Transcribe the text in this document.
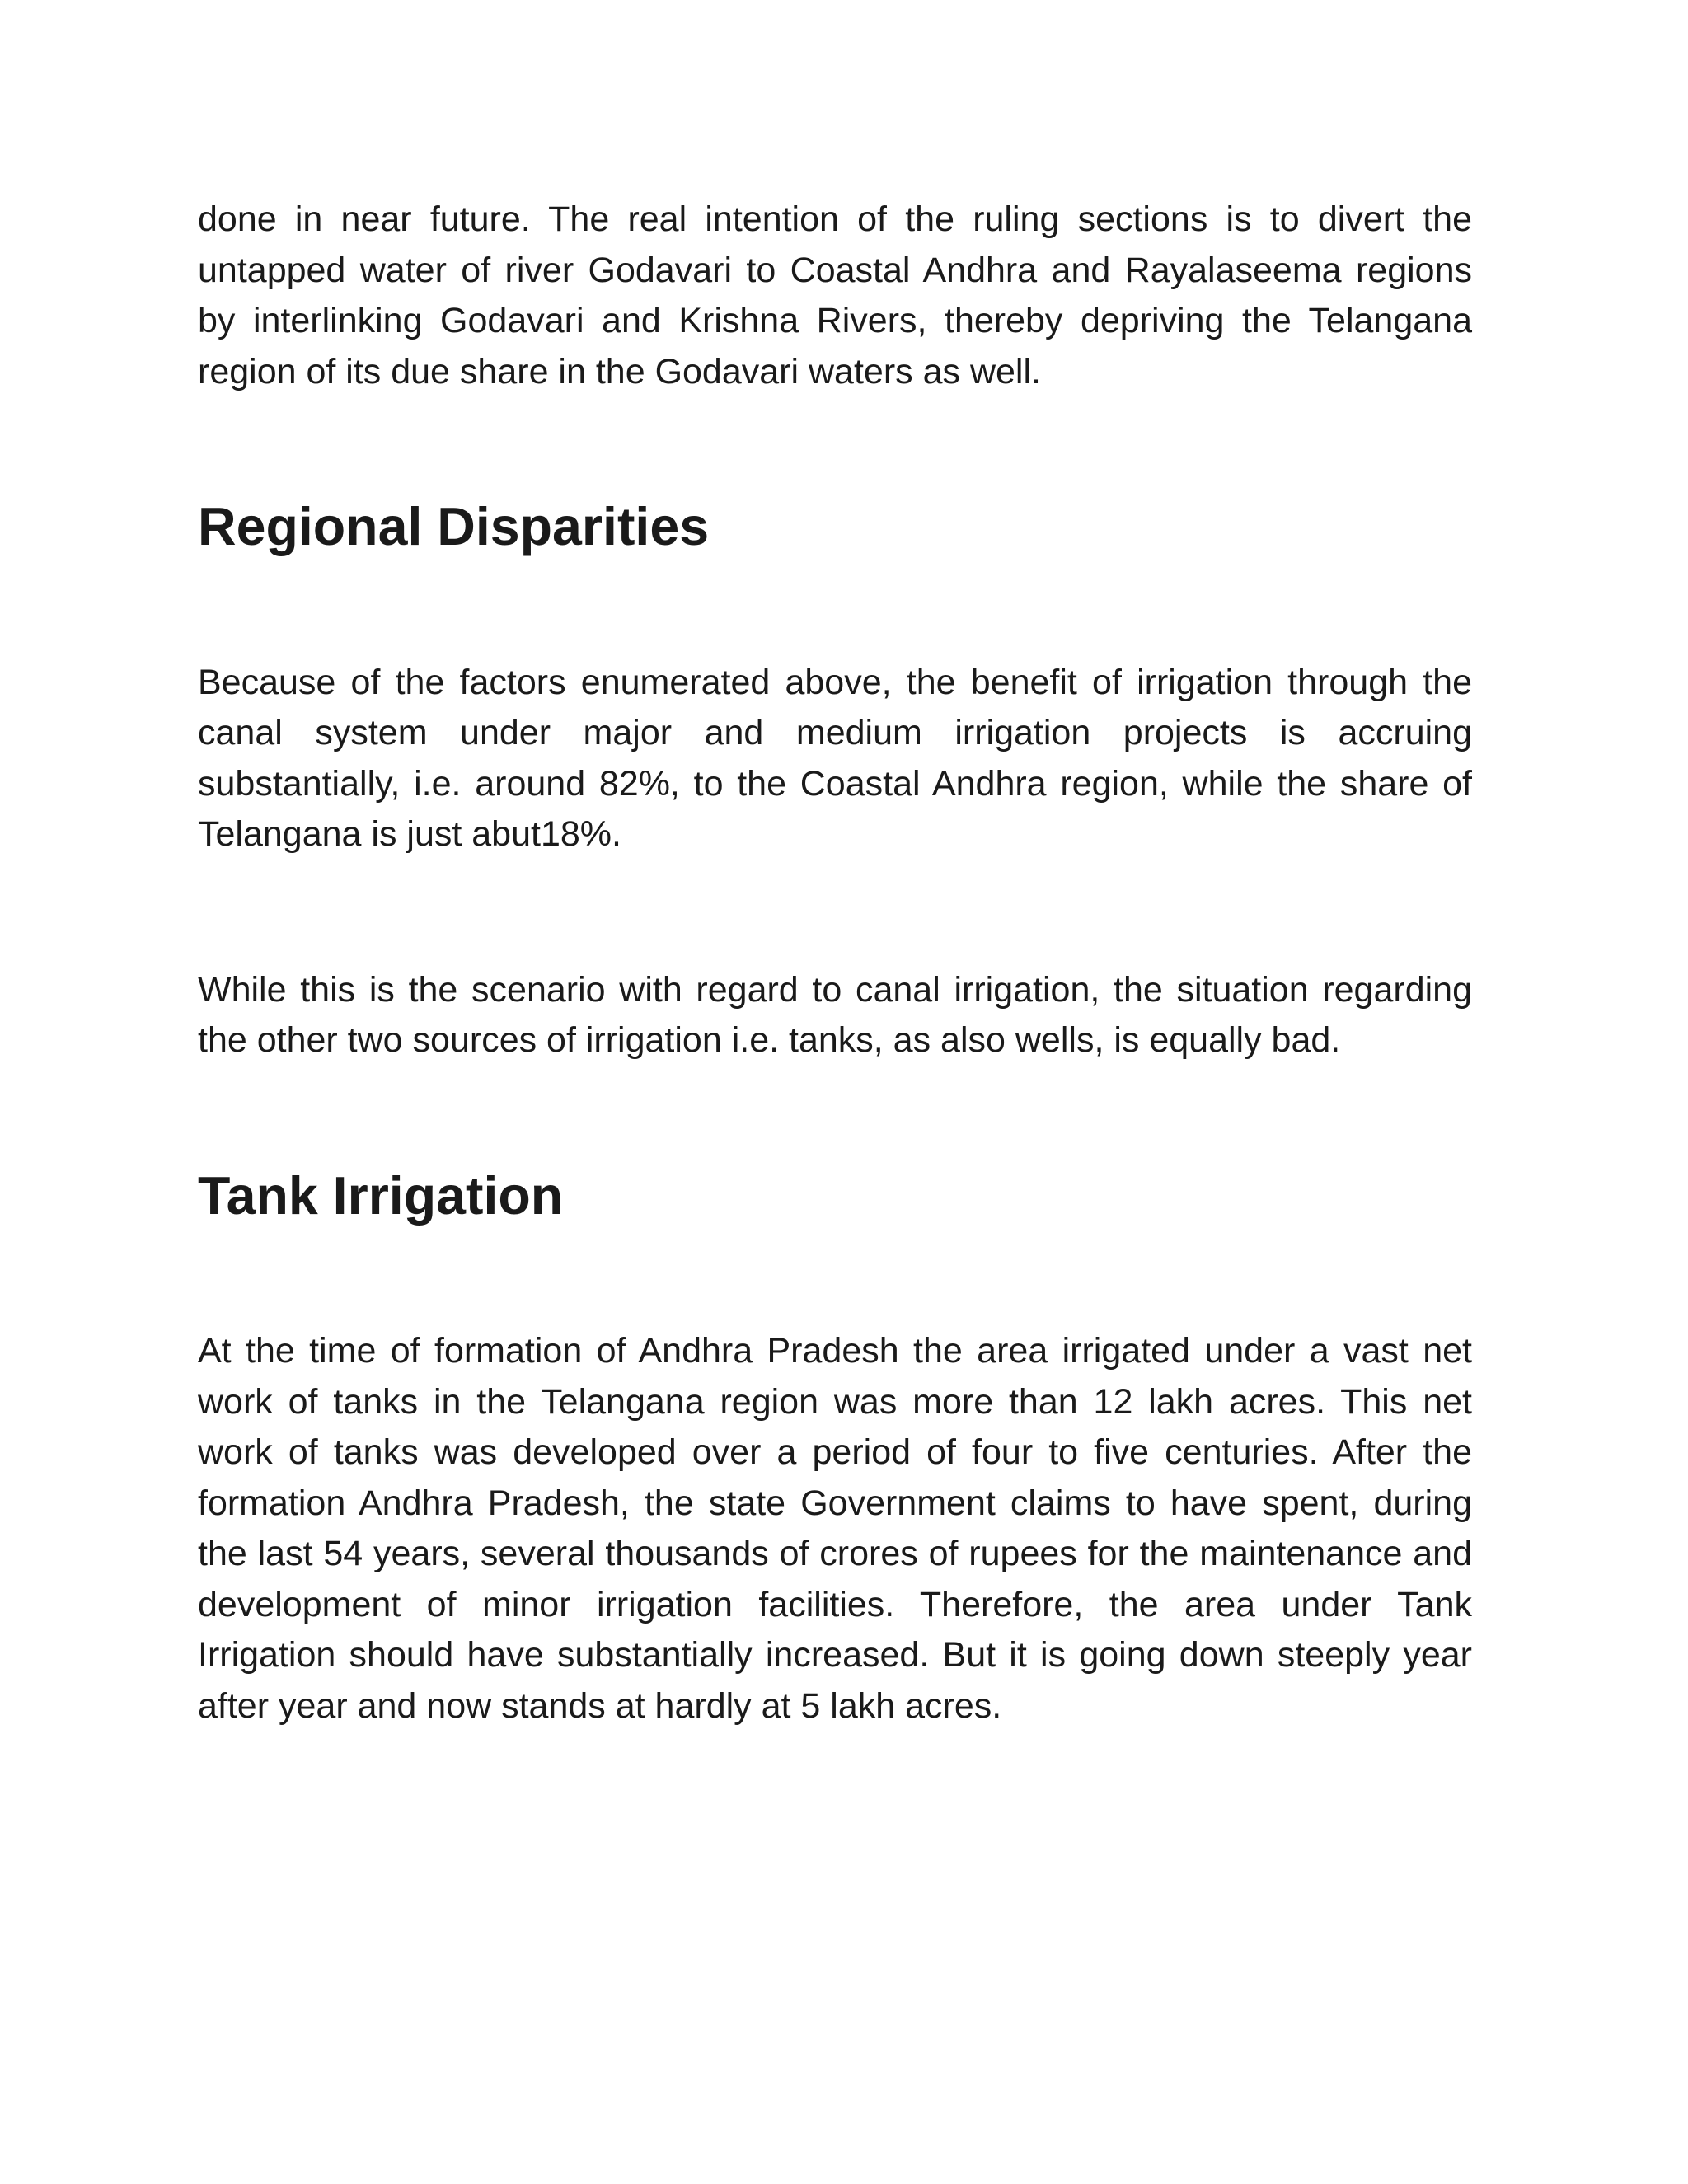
done in near future. The real intention of the ruling sections is to divert the untapped water of river Godavari to Coastal Andhra and Rayalaseema regions by interlinking Godavari and Krishna Rivers, thereby depriving the Telangana region of its due share in the Godavari waters as well.

Regional Disparities

Because of the factors enumerated above, the benefit of irrigation through the canal system under major and medium irrigation projects is accruing substantially, i.e. around 82%, to the Coastal Andhra region, while the share of Telangana is just abut18%.

While this is the scenario with regard to canal irrigation, the situation regarding the other two sources of irrigation i.e. tanks, as also wells, is equally bad.

Tank Irrigation

At the time of formation of Andhra Pradesh the area irrigated under a vast net work of tanks in the Telangana region was more than 12 lakh acres. This net work of tanks was developed over a period of four to five centuries. After the formation Andhra Pradesh, the state Government claims to have spent, during the last 54 years, several thousands of crores of rupees for the maintenance and development of minor irrigation facilities. Therefore, the area under Tank Irrigation should have substantially increased. But it is going down steeply year after year and now stands at hardly at 5 lakh acres.
